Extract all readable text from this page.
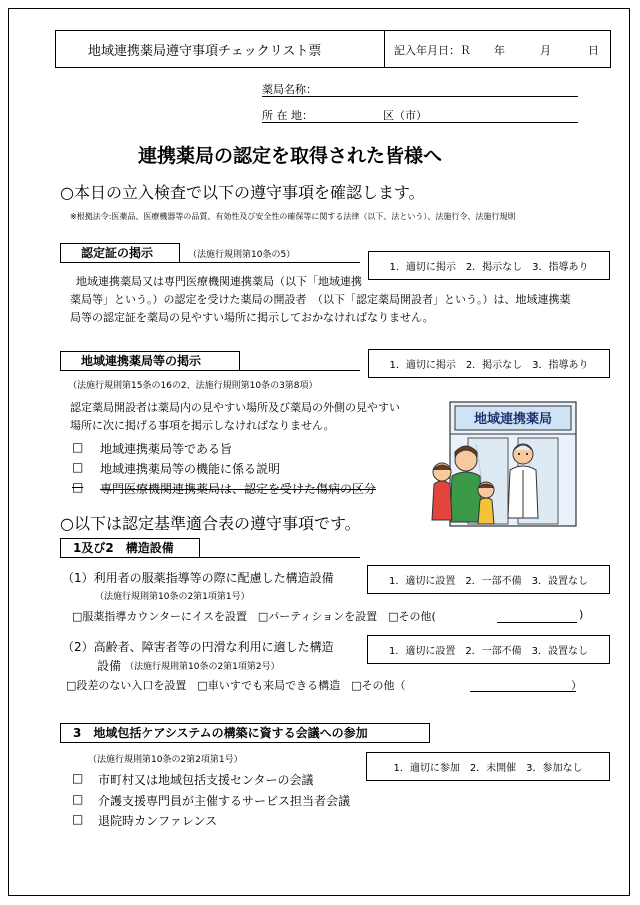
地域連携薬局遵守事項チェックリスト票	記入年月日：Ｒ 年	月	日
薬局名称：
所 在 地：	区（市）
連携薬局の認定を取得された皆様へ
○本日の立入検査で以下の遵守事項を確認します。
※根拠法令:医薬品、医療機器等の品質、有効性及び安全性の確保等に関する法律（以下、法という）、法施行令、法施行規則
認定証の掲示	（法施行規則第10条の5）
1．適切に掲示　2．掲示なし　3．指導あり
地域連携薬局又は専門医療機関連携薬局（以下「地域連携
薬局等」という。）の認定を受けた薬局の開設者　（以下「認定薬局開設者」という。）は、地域連携薬
局等の認定証を薬局の見やすい場所に掲示しておかなければなりません。
地域連携薬局等の掲示	1．適切に掲示　2．掲示なし　3．指導あり
（法施行規則第15条の16の2、法施行規則第10条の3第8項）
認定薬局開設者は薬局内の見やすい場所及び薬局の外側の見やすい
場所に次に掲げる事項を掲示しなければなりません。
□ 地域連携薬局等である旨
□ 地域連携薬局等の機能に係る説明
□ 専門医療機関連携薬局は、認定を受けた傷病の区分
地域連携薬局
○以下は認定基準適合表の遵守事項です。
1及び2　構造設備
（1）利用者の服薬指導等の際に配慮した構造設備
（法施行規則第10条の2第1項第1号）
1．適切に設置　2．一部不備　3．設置なし
□服薬指導カウンターにイスを設置　□パーティションを設置　□その他(	)
（2）高齢者、障害者等の円滑な利用に適した構造
設備 （法施行規則第10条の2第1項第2号）
1．適切に設置　2．一部不備　3．設置なし
□段差のない入口を設置　□車いすでも来局できる構造　□その他（	）
3　地域包括ケアシステムの構築に資する会議への参加
（法施行規則第10条の2第2項第1号）
1．適切に参加　2．未開催　3．参加なし
□ 市町村又は地域包括支援センターの会議
□ 介護支援専門員が主催するサービス担当者会議
□ 退院時カンファレンス
